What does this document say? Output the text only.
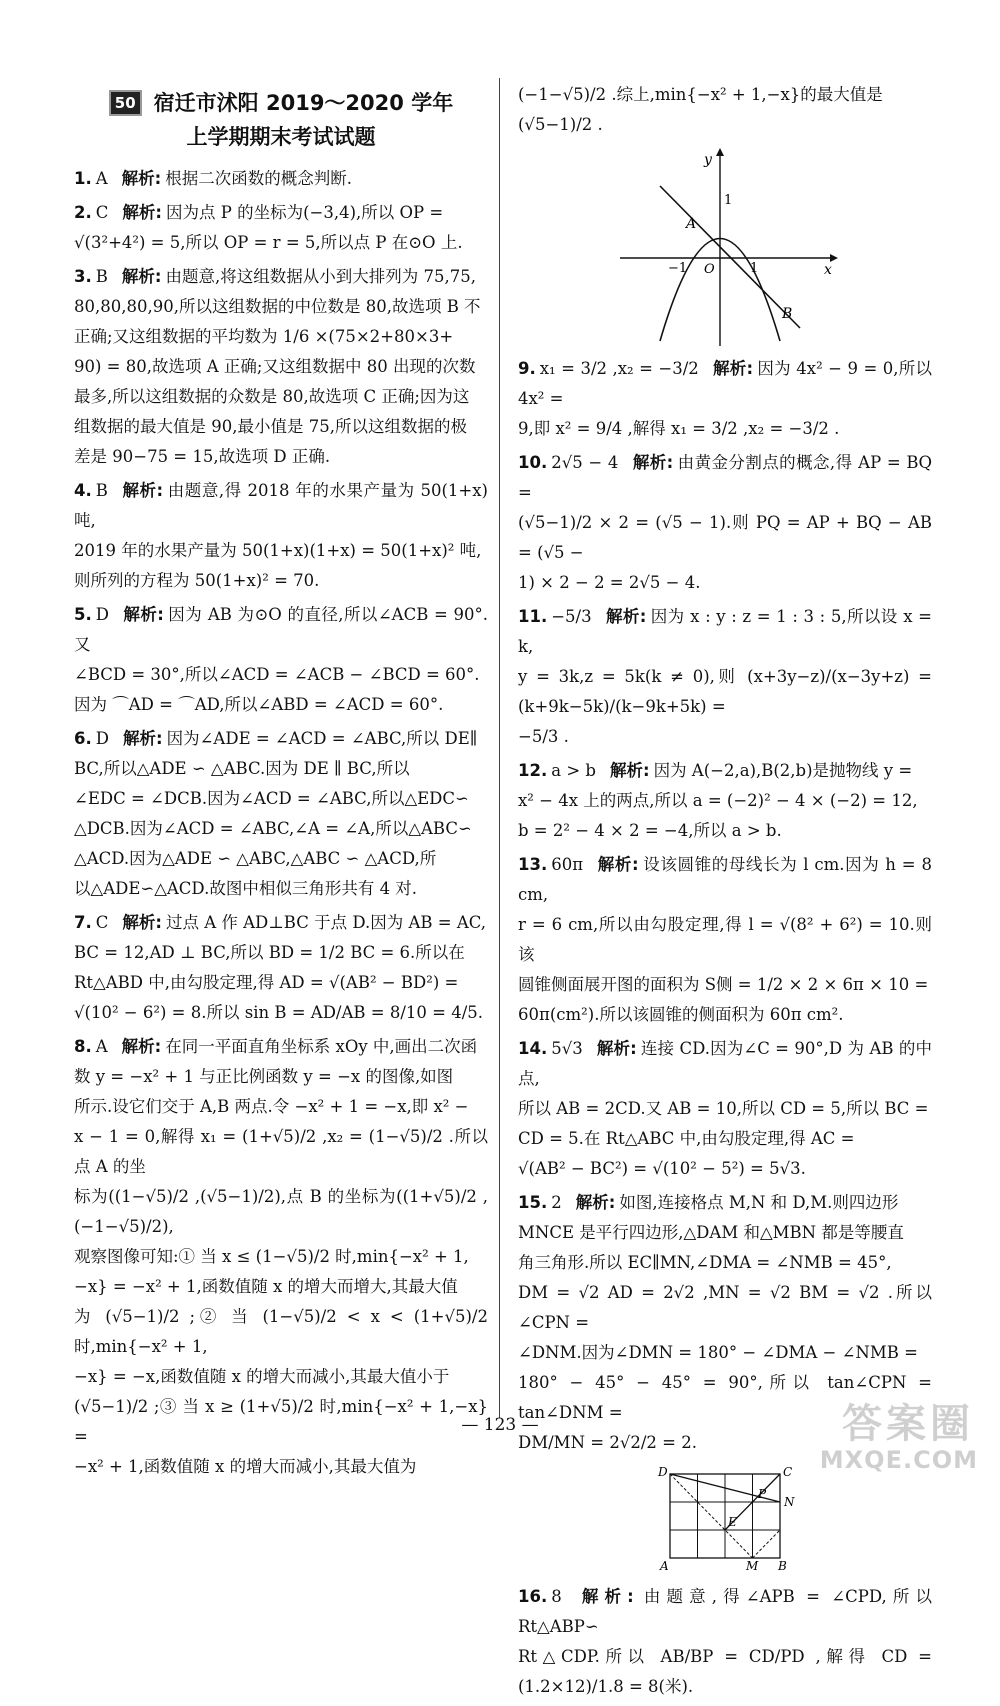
50 宿迁市沭阳 2019～2020 学年
上学期期末考试试题
1. A 解析: 根据二次函数的概念判断.
2. C 解析: 因为点 P 的坐标为(−3,4),所以 OP =
√(3²+4²) = 5,所以 OP = r = 5,所以点 P 在⊙O 上.
3. B 解析: 由题意,将这组数据从小到大排列为 75,75,
80,80,80,90,所以这组数据的中位数是 80,故选项 B 不
正确;又这组数据的平均数为 1/6 ×(75×2+80×3+
90) = 80,故选项 A 正确;又这组数据中 80 出现的次数
最多,所以这组数据的众数是 80,故选项 C 正确;因为这
组数据的最大值是 90,最小值是 75,所以这组数据的极
差是 90−75 = 15,故选项 D 正确.
4. B 解析: 由题意,得 2018 年的水果产量为 50(1+x)吨,
2019 年的水果产量为 50(1+x)(1+x) = 50(1+x)² 吨,
则所列的方程为 50(1+x)² = 70.
5. D 解析: 因为 AB 为⊙O 的直径,所以∠ACB = 90°.又
∠BCD = 30°,所以∠ACD = ∠ACB − ∠BCD = 60°.
因为 ⌒AD = ⌒AD,所以∠ABD = ∠ACD = 60°.
6. D 解析: 因为∠ADE = ∠ACD = ∠ABC,所以 DE∥
BC,所以△ADE ∽ △ABC.因为 DE ∥ BC,所以
∠EDC = ∠DCB.因为∠ACD = ∠ABC,所以△EDC∽
△DCB.因为∠ACD = ∠ABC,∠A = ∠A,所以△ABC∽
△ACD.因为△ADE ∽ △ABC,△ABC ∽ △ACD,所
以△ADE∽△ACD.故图中相似三角形共有 4 对.
7. C 解析: 过点 A 作 AD⊥BC 于点 D.因为 AB = AC,
BC = 12,AD ⊥ BC,所以 BD = 1/2 BC = 6.所以在
Rt△ABD 中,由勾股定理,得 AD = √(AB² − BD²) =
√(10² − 6²) = 8.所以 sin B = AD/AB = 8/10 = 4/5.
8. A 解析: 在同一平面直角坐标系 xOy 中,画出二次函
数 y = −x² + 1 与正比例函数 y = −x 的图像,如图
所示.设它们交于 A,B 两点.令 −x² + 1 = −x,即 x² −
x − 1 = 0,解得 x₁ = (1+√5)/2 ,x₂ = (1−√5)/2 .所以点 A 的坐
标为((1−√5)/2 ,(√5−1)/2),点 B 的坐标为((1+√5)/2 ,(−1−√5)/2),
观察图像可知:① 当 x ≤ (1−√5)/2 时,min{−x² + 1,
−x} = −x² + 1,函数值随 x 的增大而增大,其最大值
为 (√5−1)/2 ;② 当 (1−√5)/2 < x < (1+√5)/2 时,min{−x² + 1,
−x} = −x,函数值随 x 的增大而减小,其最大值小于
(√5−1)/2 ;③ 当 x ≥ (1+√5)/2 时,min{−x² + 1,−x} =
−x² + 1,函数值随 x 的增大而减小,其最大值为
(−1−√5)/2 .综上,min{−x² + 1,−x}的最大值是 (√5−1)/2 .
y
x
1
−1 O	1
A
B
9. x₁ = 3/2 ,x₂ = −3/2 解析: 因为 4x² − 9 = 0,所以 4x² =
9,即 x² = 9/4 ,解得 x₁ = 3/2 ,x₂ = −3/2 .
10. 2√5 − 4 解析: 由黄金分割点的概念,得 AP = BQ =
(√5−1)/2 × 2 = (√5 − 1).则 PQ = AP + BQ − AB = (√5 −
1) × 2 − 2 = 2√5 − 4.
11. −5/3 解析: 因为 x : y : z = 1 : 3 : 5,所以设 x = k,
y = 3k,z = 5k(k ≠ 0),则 (x+3y−z)/(x−3y+z) = (k+9k−5k)/(k−9k+5k) =
−5/3 .
12. a > b 解析: 因为 A(−2,a),B(2,b)是抛物线 y =
x² − 4x 上的两点,所以 a = (−2)² − 4 × (−2) = 12,
b = 2² − 4 × 2 = −4,所以 a > b.
13. 60π 解析: 设该圆锥的母线长为 l cm.因为 h = 8 cm,
r = 6 cm,所以由勾股定理,得 l = √(8² + 6²) = 10.则该
圆锥侧面展开图的面积为 S侧 = 1/2 × 2 × 6π × 10 =
60π(cm²).所以该圆锥的侧面积为 60π cm².
14. 5√3 解析: 连接 CD.因为∠C = 90°,D 为 AB 的中点,
所以 AB = 2CD.又 AB = 10,所以 CD = 5,所以 BC =
CD = 5.在 Rt△ABC 中,由勾股定理,得 AC =
√(AB² − BC²) = √(10² − 5²) = 5√3.
15. 2 解析: 如图,连接格点 M,N 和 D,M.则四边形
MNCE 是平行四边形,△DAM 和△MBN 都是等腰直
角三角形.所以 EC∥MN,∠DMA = ∠NMB = 45°,
DM = √2 AD = 2√2 ,MN = √2 BM = √2 .所以∠CPN =
∠DNM.因为∠DMN = 180° − ∠DMA − ∠NMB =
180° − 45° − 45° = 90°,所以 tan∠CPN = tan∠DNM =
DM/MN = 2√2/2 = 2.
D	C
P
N
E
A	M B
16. 8 解析: 由题意,得∠APB = ∠CPD,所以 Rt△ABP∽
Rt△CDP.所以 AB/BP = CD/PD ,解得 CD = (1.2×12)/1.8 = 8(米).
— 123 —	答案圈
MXQE.COM
